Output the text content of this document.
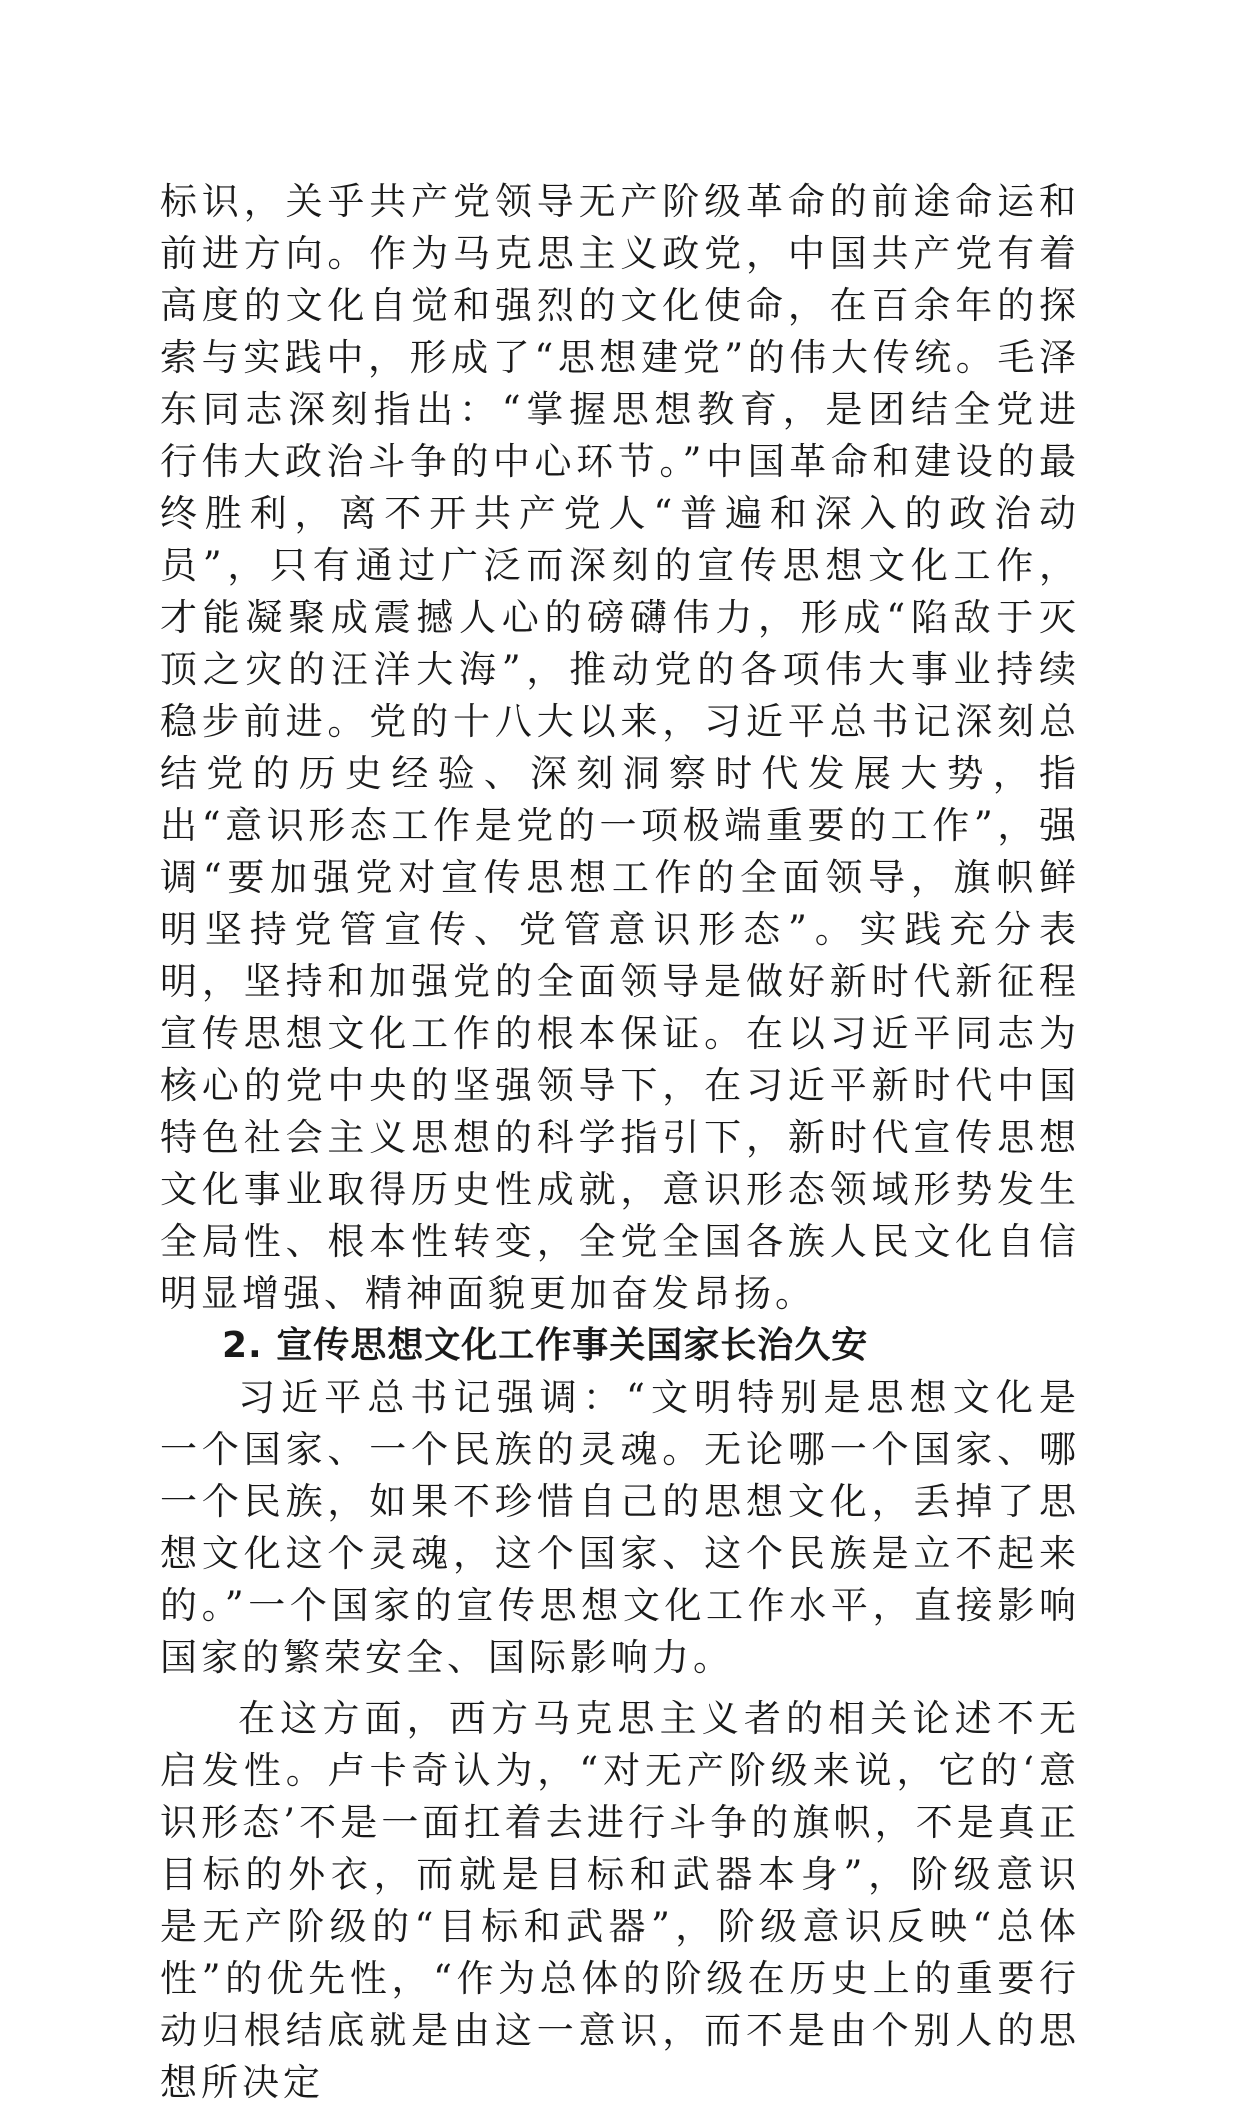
标识，关乎共产党领导无产阶级革命的前途命运和前进方向。作为马克思主义政党，中国共产党有着高度的文化自觉和强烈的文化使命，在百余年的探索与实践中，形成了“思想建党”的伟大传统。毛泽东同志深刻指出：“掌握思想教育，是团结全党进行伟大政治斗争的中心环节。”中国革命和建设的最终胜利，离不开共产党人“普遍和深入的政治动员”，只有通过广泛而深刻的宣传思想文化工作，才能凝聚成震撼人心的磅礴伟力，形成“陷敌于灭顶之灾的汪洋大海”，推动党的各项伟大事业持续稳步前进。党的十八大以来，习近平总书记深刻总结党的历史经验、深刻洞察时代发展大势，指出“意识形态工作是党的一项极端重要的工作”，强调“要加强党对宣传思想工作的全面领导，旗帜鲜明坚持党管宣传、党管意识形态”。实践充分表明，坚持和加强党的全面领导是做好新时代新征程宣传思想文化工作的根本保证。在以习近平同志为核心的党中央的坚强领导下，在习近平新时代中国特色社会主义思想的科学指引下，新时代宣传思想文化事业取得历史性成就，意识形态领域形势发生全局性、根本性转变，全党全国各族人民文化自信明显增强、精神面貌更加奋发昂扬。

2. 宣传思想文化工作事关国家长治久安

习近平总书记强调：“文明特别是思想文化是一个国家、一个民族的灵魂。无论哪一个国家、哪一个民族，如果不珍惜自己的思想文化，丢掉了思想文化这个灵魂，这个国家、这个民族是立不起来的。”一个国家的宣传思想文化工作水平，直接影响国家的繁荣安全、国际影响力。

在这方面，西方马克思主义者的相关论述不无启发性。卢卡奇认为，“对无产阶级来说，它的‘意识形态’不是一面扛着去进行斗争的旗帜，不是真正目标的外衣，而就是目标和武器本身”，阶级意识是无产阶级的“目标和武器”，阶级意识反映“总体性”的优先性，“作为总体的阶级在历史上的重要行动归根结底就是由这一意识，而不是由个别人的思想所决定
